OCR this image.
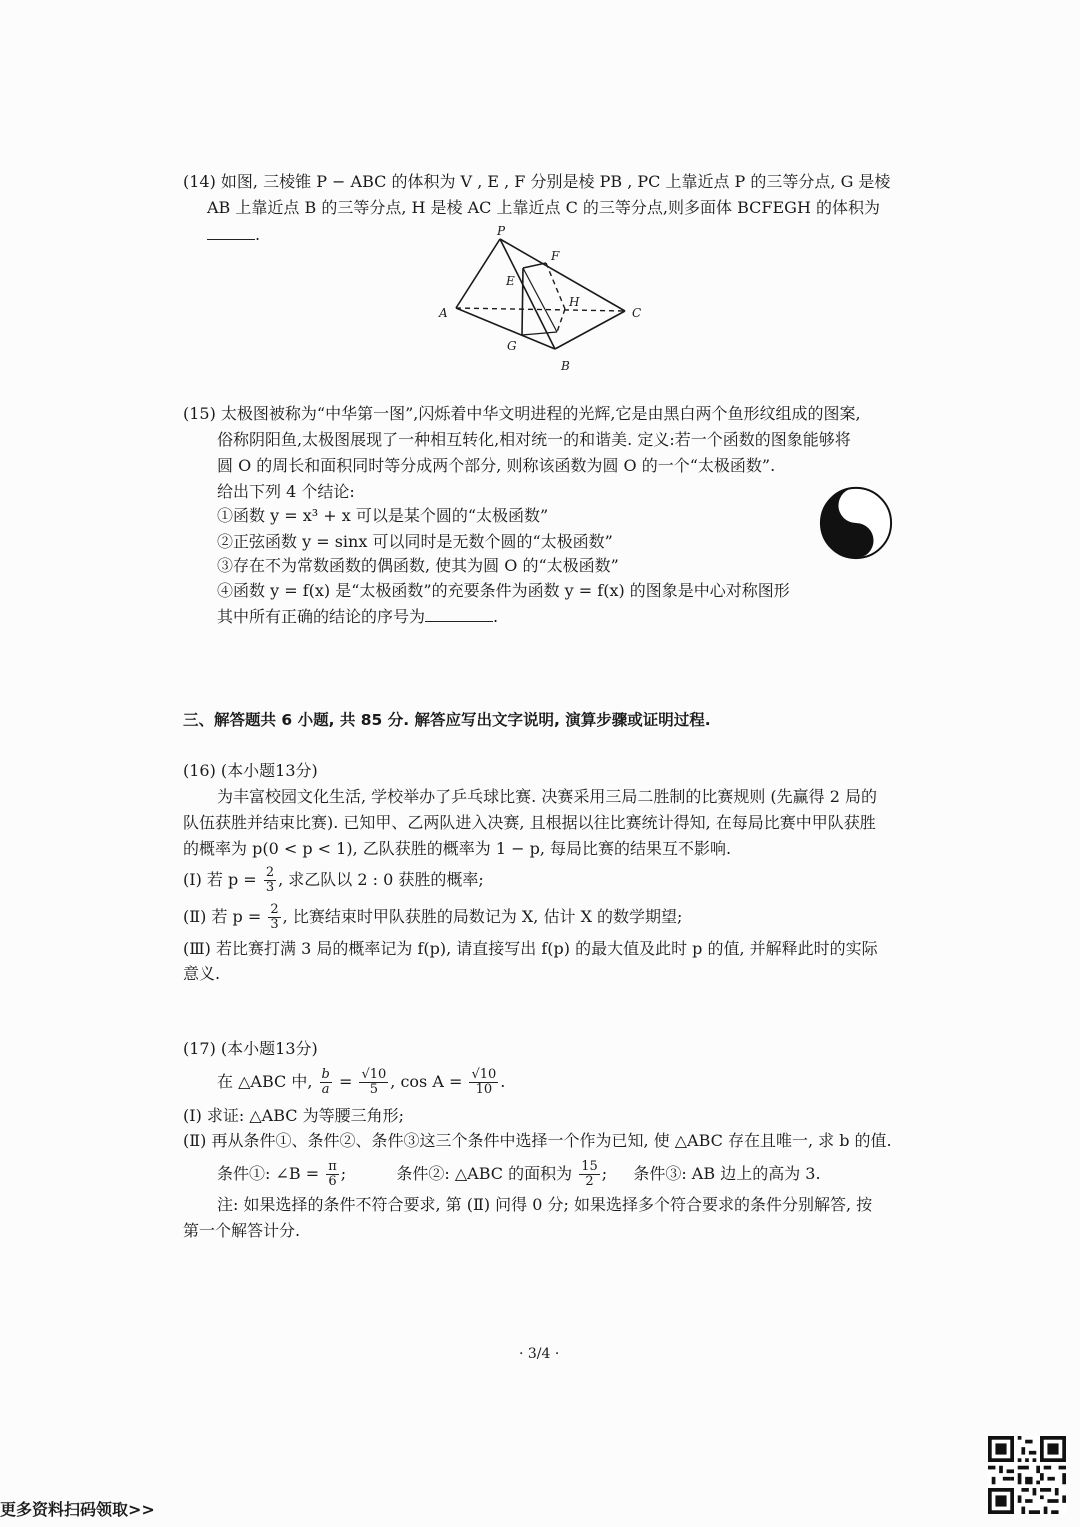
(14) 如图, 三棱锥 P − ABC 的体积为 V , E , F 分别是棱 PB , PC 上靠近点 P 的三等分点, G 是棱
AB 上靠近点 B 的三等分点, H 是棱 AC 上靠近点 C 的三等分点,则多面体 BCFEGH 的体积为
.	P
F
E
H
A	C
G
B
(15) 太极图被称为“中华第一图”,闪烁着中华文明进程的光辉,它是由黑白两个鱼形纹组成的图案,
俗称阴阳鱼,太极图展现了一种相互转化,相对统一的和谐美. 定义:若一个函数的图象能够将
圆 O 的周长和面积同时等分成两个部分, 则称该函数为圆 O 的一个“太极函数”.
给出下列 4 个结论:
①函数 y = x³ + x 可以是某个圆的“太极函数”
②正弦函数 y = sinx 可以同时是无数个圆的“太极函数”
③存在不为常数函数的偶函数, 使其为圆 O 的“太极函数”
④函数 y = f(x) 是“太极函数”的充要条件为函数 y = f(x) 的图象是中心对称图形
其中所有正确的结论的序号为	.
三、解答题共 6 小题, 共 85 分. 解答应写出文字说明, 演算步骤或证明过程.
(16) (本小题13分)
为丰富校园文化生活, 学校举办了乒乓球比赛. 决赛采用三局二胜制的比赛规则 (先赢得 2 局的
队伍获胜并结束比赛). 已知甲、乙两队进入决赛, 且根据以往比赛统计得知, 在每局比赛中甲队获胜
的概率为 p(0 < p < 1), 乙队获胜的概率为 1 − p, 每局比赛的结果互不影响.
(Ⅰ) 若 $p = \frac{2}{3}$ , 求乙队以 2 : 0 获胜的概率;
(Ⅱ) 若 $p = \frac{2}{3}$ , 比赛结束时甲队获胜的局数记为 X, 估计 X 的数学期望;
(Ⅲ) 若比赛打满 3 局的概率记为 f(p), 请直接写出 f(p) 的最大值及此时 p 的值, 并解释此时的实际
意义.
(17) (本小题13分)
在 △ABC 中, $\frac{b}{a} = \frac{√10}{5}$ , $\cos A = \frac{√10}{10}$ .
(Ⅰ) 求证: △ABC 为等腰三角形;
(Ⅱ) 再从条件①、条件②、条件③这三个条件中选择一个作为已知, 使 △ABC 存在且唯一, 求 b 的值.
条件①: ∠B = $\frac{\pi}{6}$ ;	条件②: △ABC 的面积为 $\frac{15}{2}$ ; 条件③: AB 边上的高为 3.
注: 如果选择的条件不符合要求, 第 (Ⅱ) 问得 0 分; 如果选择多个符合要求的条件分别解答, 按
第一个解答计分.
· 3/4 ·
更多资料扫码领取>>
